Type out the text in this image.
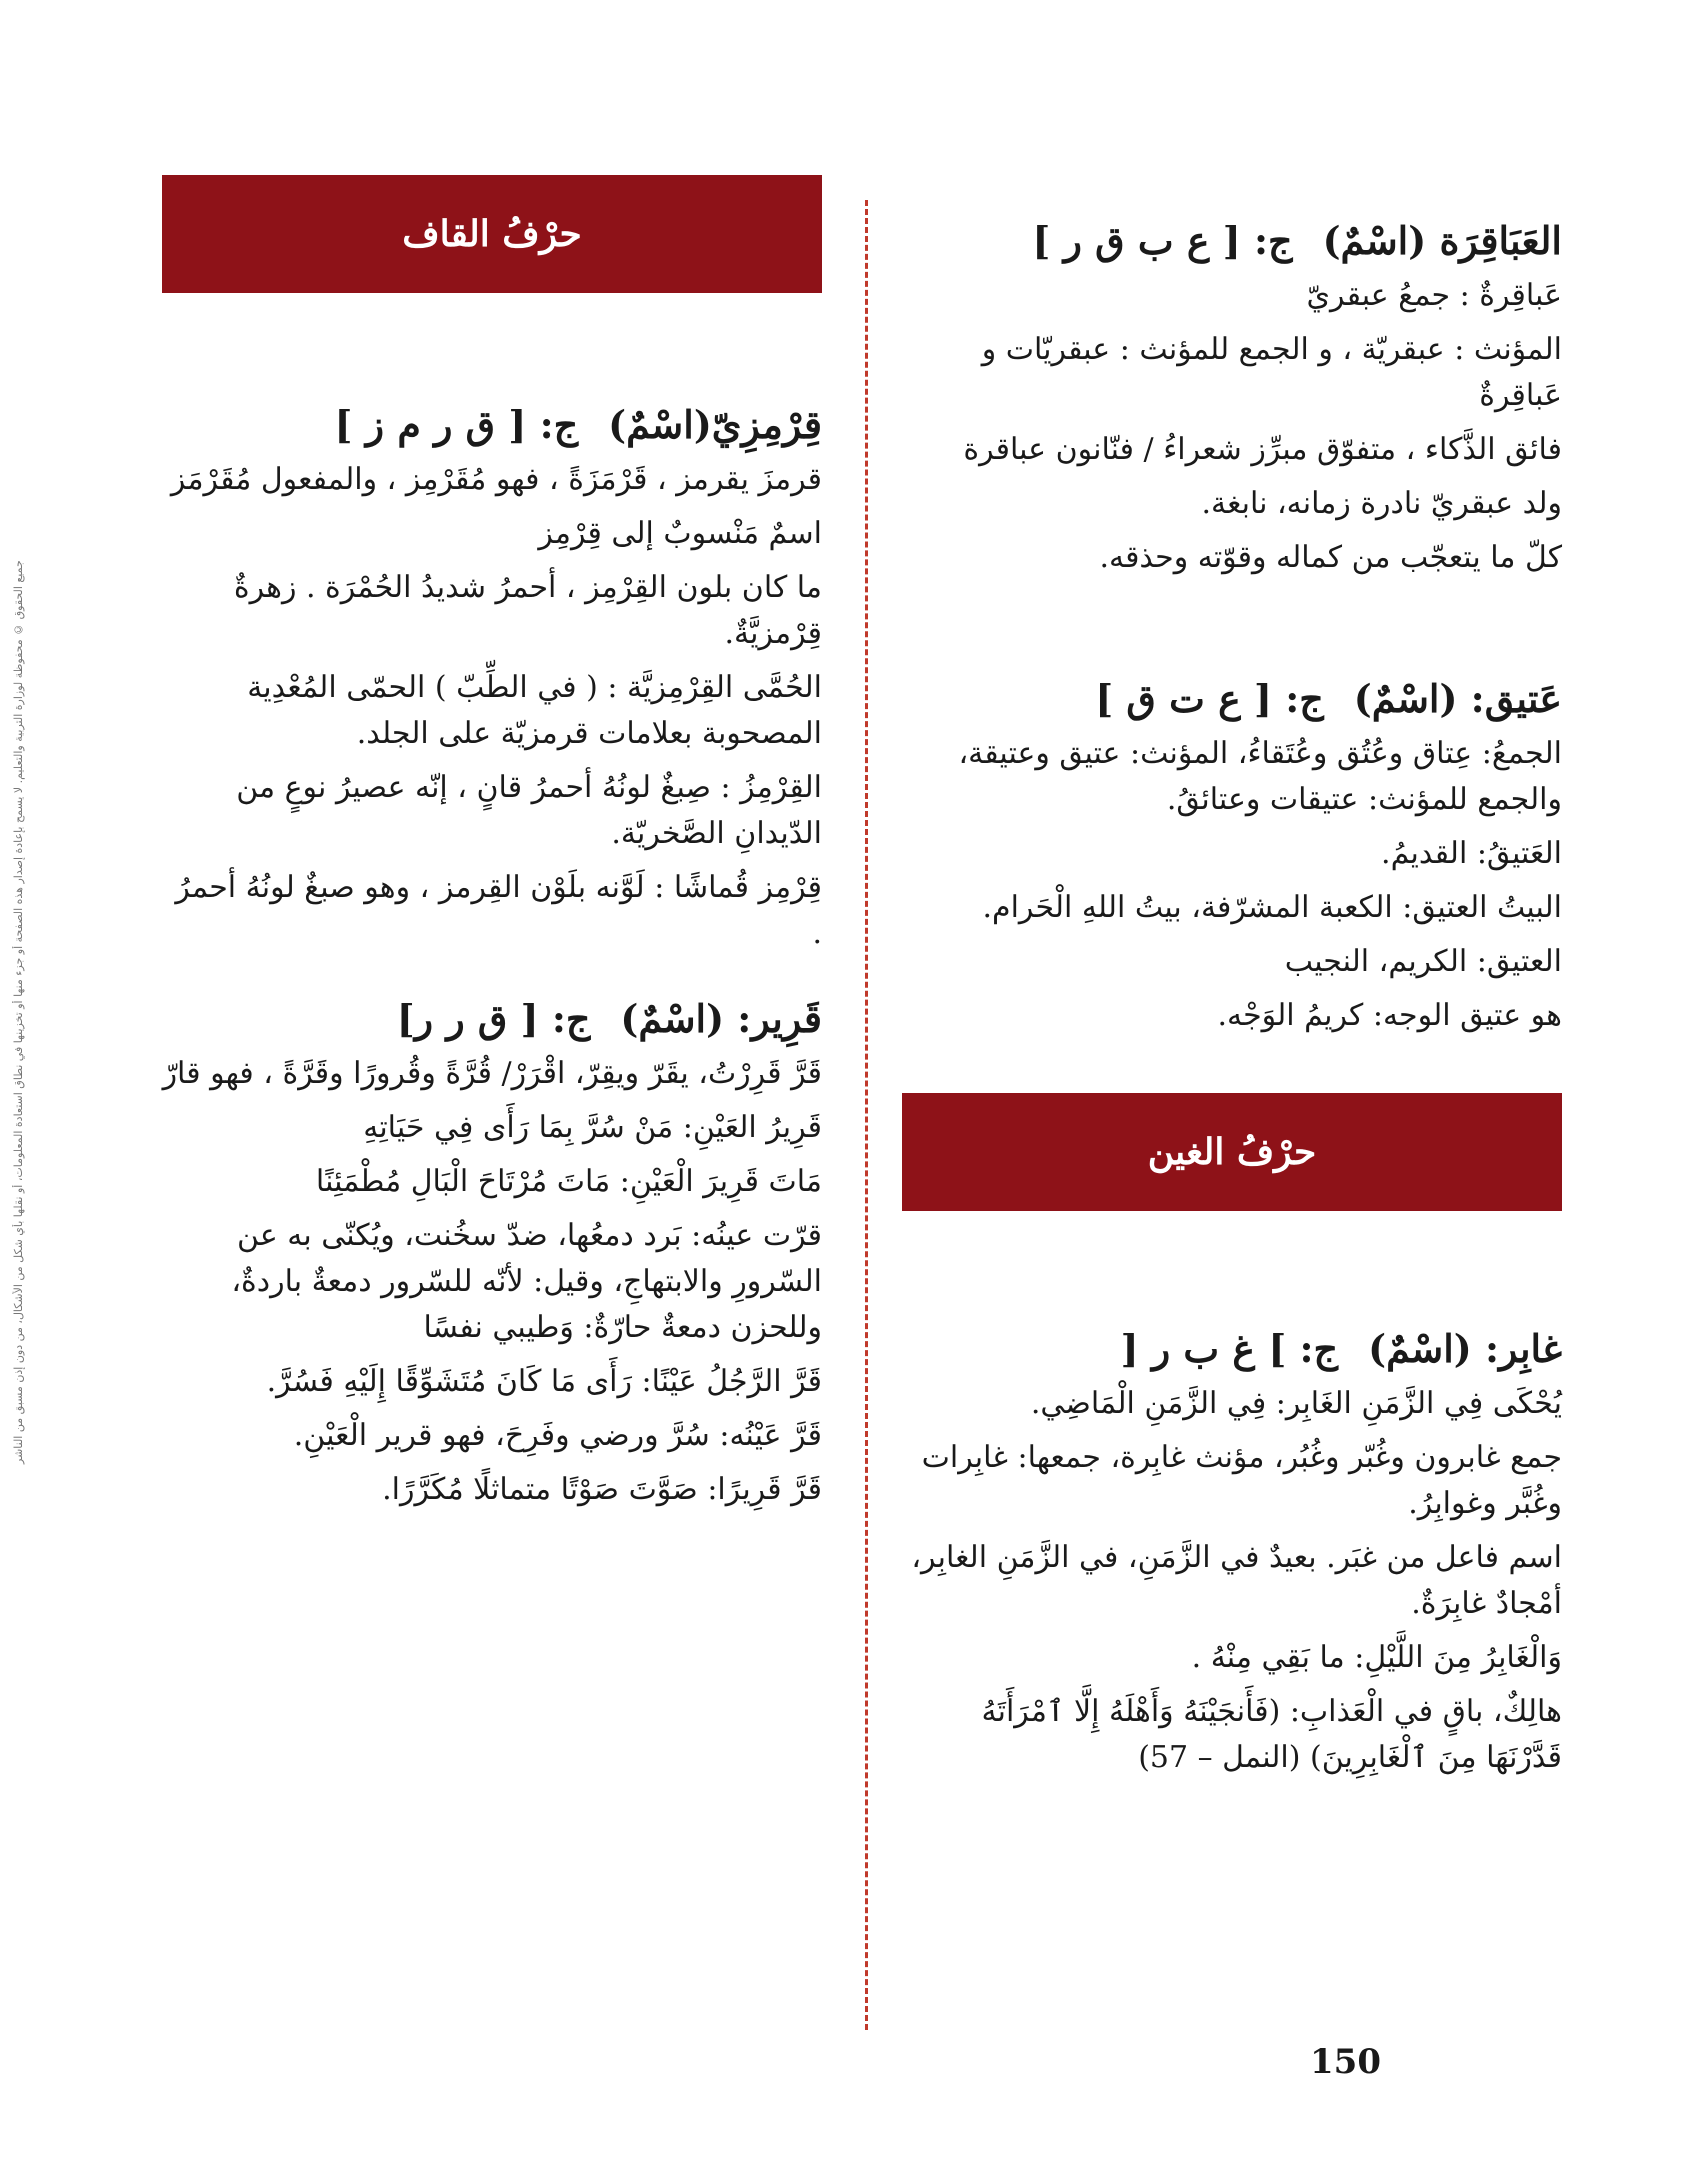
جميع الحقوق © محفوظة لوزارة التربية والتعليم. لا يسمح بإعادة إصدار هذه الصفحة أو جزء منها أو تخزينها في نطاق استعادة المعلومات، أو نقلها بأي شكل من الأشكال، من دون إذن مسبق من الناشر
حرْفُ القاف
قِرْمِزِيّ(اسْمٌ)ج: [ ق ر م ز ]

قرمزَ يقرمز ، قَرْمَزَةً ، فهو مُقَرْمِز ، والمفعول مُقَرْمَز

اسمٌ مَنْسوبٌ إلى قِرْمِز

ما كان بلون القِرْمِز ، أحمرُ شديدُ الحُمْرَة . زهرةٌ قِرْمزيَّةٌ.

الحُمَّى القِرْمِزيَّة : ( في الطِّبّ ) الحمّى المُعْدِية المصحوبة بعلامات قرمزيّة على الجلد.

القِرْمِزُ : صِبغٌ لونُهُ أحمرُ قانٍ ، إنّه عصيرُ نوعٍ من الدّيدانِ الصَّخريّة.

قِرْمِز قُماشًا : لَوَّنه بلَوْن القِرمز ، وهو صبغٌ لونُهُ أحمرُ .

قَرِير: (اسْمٌ)ج: [ ق ر ر]

قَرَّ قَرِرْتُ، يقَرّ ويقِرّ، اقْرَرْ/ قُرَّةً وقُرورًا وقَرَّةً ، فهو قارّ

قَرِيرُ العَيْنِ: مَنْ سُرَّ بِمَا رَأَى فِي حَيَاتِهِ

مَاتَ قَرِيرَ الْعَيْنِ: مَاتَ مُرْتَاحَ الْبَالِ مُطْمَئِنًا

قرّت عينُه: بَرد دمعُها، ضدّ سخُنت، ويُكنّى به عن السّرورِ والابتهاجِ، وقيل: لأنّه للسّرور دمعةٌ باردةٌ، وللحزن دمعةٌ حارّةٌ: وَطيبي نفسًا

قَرَّ الرَّجُلُ عَيْنًا: رَأَى مَا كَانَ مُتَشَوِّقًا إِلَيْهِ فَسُرَّ.

قَرَّ عَيْنُه: سُرَّ ورضي وفَرِحَ، فهو قرير الْعَيْنِ.

قَرَّ قَرِيرًا: صَوَّتَ صَوْتًا متماثلًا مُكَرَّرًا.

العَبَاقِرَة (اسْمٌ)ج: [ ع ب ق ر ]

عَباقِرةٌ : جمعُ عبقريّ

المؤنث : عبقريّة ، و الجمع للمؤنث : عبقريّات و عَباقِرةٌ

فائق الذَّكاء ، متفوّق مبرِّز شعراءُ / فنّانون عباقرة

ولد عبقريّ نادرة زمانه، نابغة.

كلّ ما يتعجّب من كماله وقوّته وحذقه.

عَتيق: (اسْمٌ)ج: [ ع ت ق ]

الجمعُ: عِتاق وعُتُق وعُتَقاءُ، المؤنث: عتيق وعتيقة، والجمع للمؤنث: عتيقات وعتائقُ.

العَتيقُ: القديمُ.

البيتُ العتيق: الكعبة المشرّفة، بيتُ اللهِ الْحَرام.

العتيق: الكريم، النجيب

هو عتيق الوجه: كريمُ الوَجْه.

حرْفُ الغين
غابِر: (اسْمٌ)ج: ] غ ب ر [

يُحْكَى فِي الزَّمَنِ الغَابِر: فِي الزَّمَنِ الْمَاضِي.

جمع غابرون وغُبّر وغُبُر، مؤنث غابِرة، جمعها: غابِرات وغُبَّر وغوابِرُ.

اسم فاعل من غبَر. بعيدٌ في الزَّمَنِ، في الزَّمَنِ الغابِر، أمْجادٌ غابِرَةٌ.

وَالْغَابِرُ مِنَ اللَّيْلِ: ما بَقِي مِنْهُ .

هالِكٌ، باقٍ في الْعَذابِ: (فَأَنجَيْنَهُ وَأَهْلَهُ إِلَّا ٱمْرَأَتَهُ قَدَّرْنَهَا مِنَ ٱلْغَابِرِينَ) (النمل – 57)

150
